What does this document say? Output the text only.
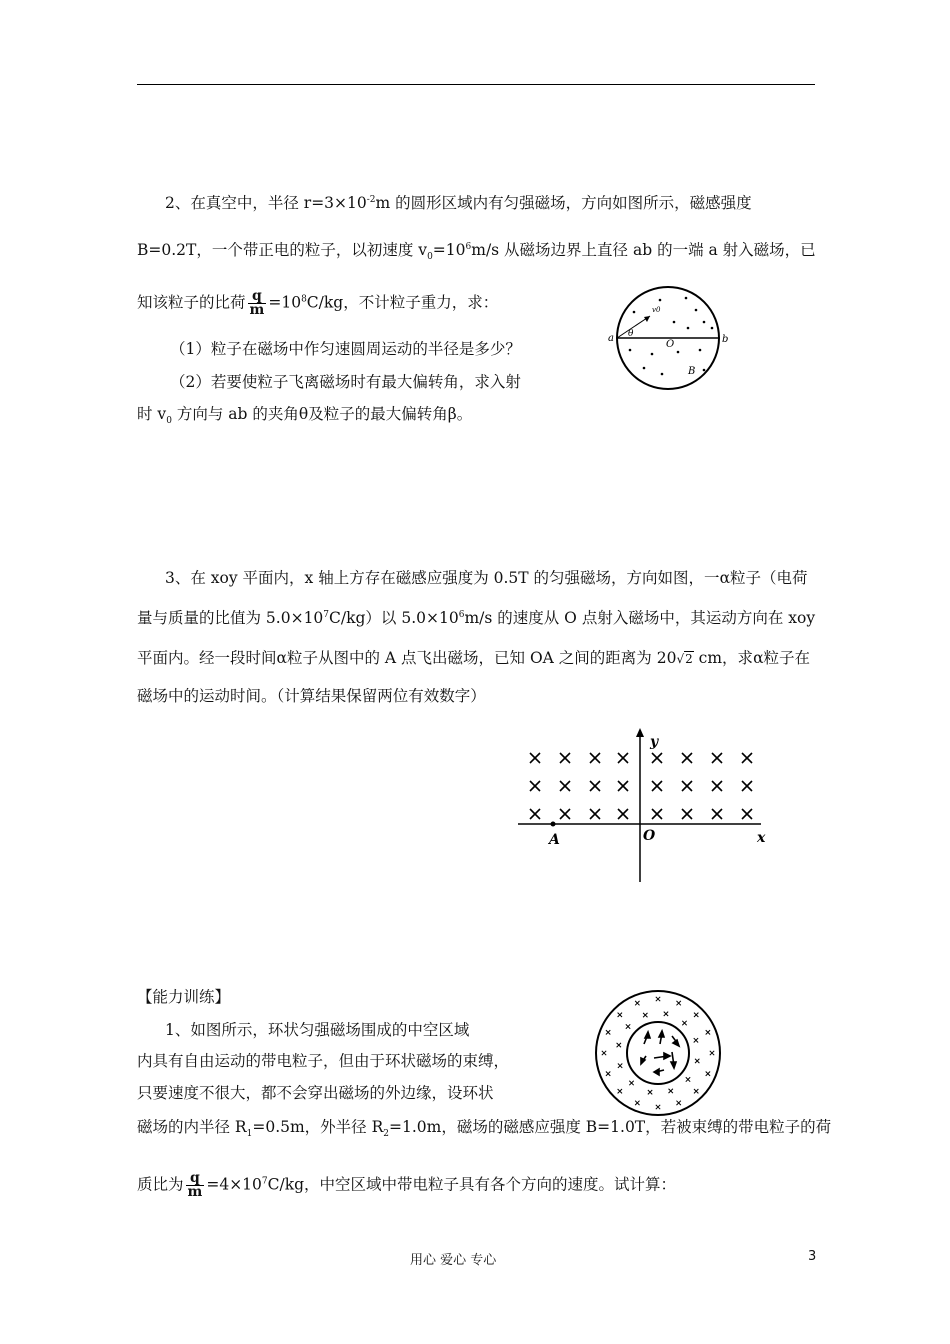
2、在真空中，半径 $r=3\times 10^{-2}m$ 的圆形区域内有匀强磁场，方向如图所示，磁感强度
B=0.2T，一个带正电的粒子，以初速度 $v_0=10^6m/s$ 从磁场边界上直径 ab 的一端 a 射入磁场，已
知该粒子的比荷 $\frac{q}{m} =10^8C/kg$，不计粒子重力，求：
（1）粒子在磁场中作匀速圆周运动的半径是多少？
（2）若要使粒子飞离磁场时有最大偏转角，求入射
时 $v_0$ 方向与 ab 的夹角θ及粒子的最大偏转角β。
a	b
O
B
θ
v0
3、在 xoy 平面内，x 轴上方存在磁感应强度为 0.5T 的匀强磁场，方向如图，一α粒子（电荷
量与质量的比值为 $5.0\times 10^7C/kg$）以 $5.0\times 10^6m/s$ 的速度从 O 点射入磁场中，其运动方向在 xoy
平面内。经一段时间α粒子从图中的 A 点飞出磁场，已知 OA 之间的距离为 20√2 cm，求α粒子在
磁场中的运动时间。（计算结果保留两位有效数字）
y
x
A	O
【能力训练】
1、如图所示，环状匀强磁场围成的中空区域
内具有自由运动的带电粒子，但由于环状磁场的束缚，
只要速度不很大，都不会穿出磁场的外边缘，设环状
磁场的内半径 $R_1=0.5m$，外半径 $R_2=1.0m$，磁场的磁感应强度 B=1.0T，若被束缚的带电粒子的荷
质比为 $\frac{q}{m} =4\times 10^7C/kg$，中空区域中带电粒子具有各个方向的速度。试计算：
用心 爱心 专心	3
